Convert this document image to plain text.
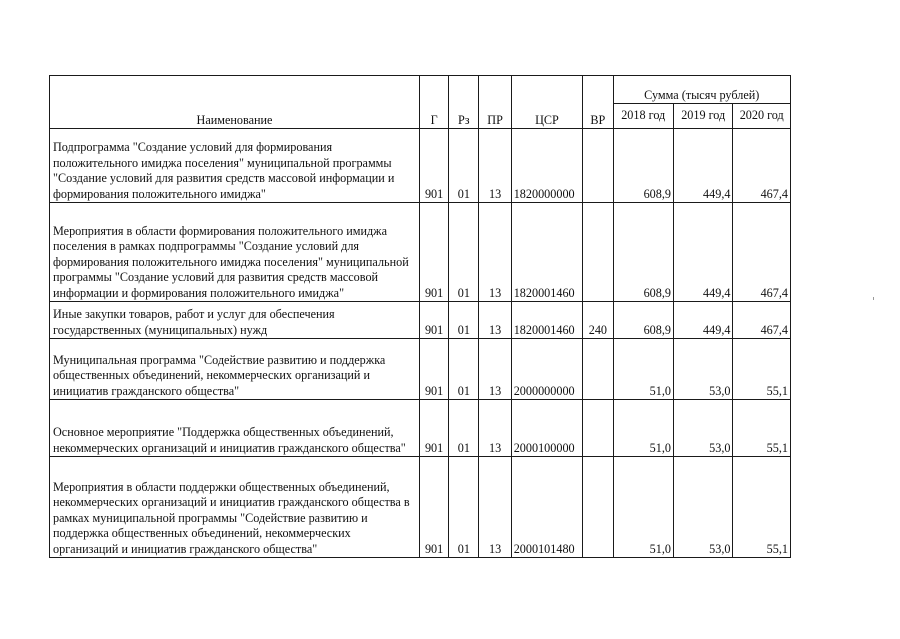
Наименование	Г	Рз	ПР	ЦСР	ВР	Сумма (тысяч рублей)		
						2018 год	2019 год	2020 год
Подпрограмма "Создание условий для формирования положительного имиджа поселения" муниципальной программы "Создание условий для развития средств массовой информации и формирования положительного имиджа"	901	01	13	1820000000		608,9	449,4	467,4
Мероприятия в области формирования положительного имиджа поселения в рамках подпрограммы "Создание условий для формирования положительного имиджа поселения" муниципальной программы "Создание условий для развития средств массовой информации и формирования положительного имиджа"	901	01	13	1820001460		608,9	449,4	467,4
Иные закупки товаров, работ и услуг для обеспечения государственных (муниципальных) нужд	901	01	13	1820001460	240	608,9	449,4	467,4
Муниципальная программа "Содействие развитию и поддержка общественных объединений, некоммерческих организаций и инициатив гражданского общества"	901	01	13	2000000000		51,0	53,0	55,1
Основное мероприятие "Поддержка общественных объединений, некоммерческих организаций и инициатив гражданского общества"	901	01	13	2000100000		51,0	53,0	55,1
Мероприятия в области поддержки общественных объединений, некоммерческих организаций и инициатив гражданского общества в рамках муниципальной программы "Содействие развитию и поддержка общественных объединений, некоммерческих организаций и инициатив гражданского общества"	901	01	13	2000101480		51,0	53,0	55,1
